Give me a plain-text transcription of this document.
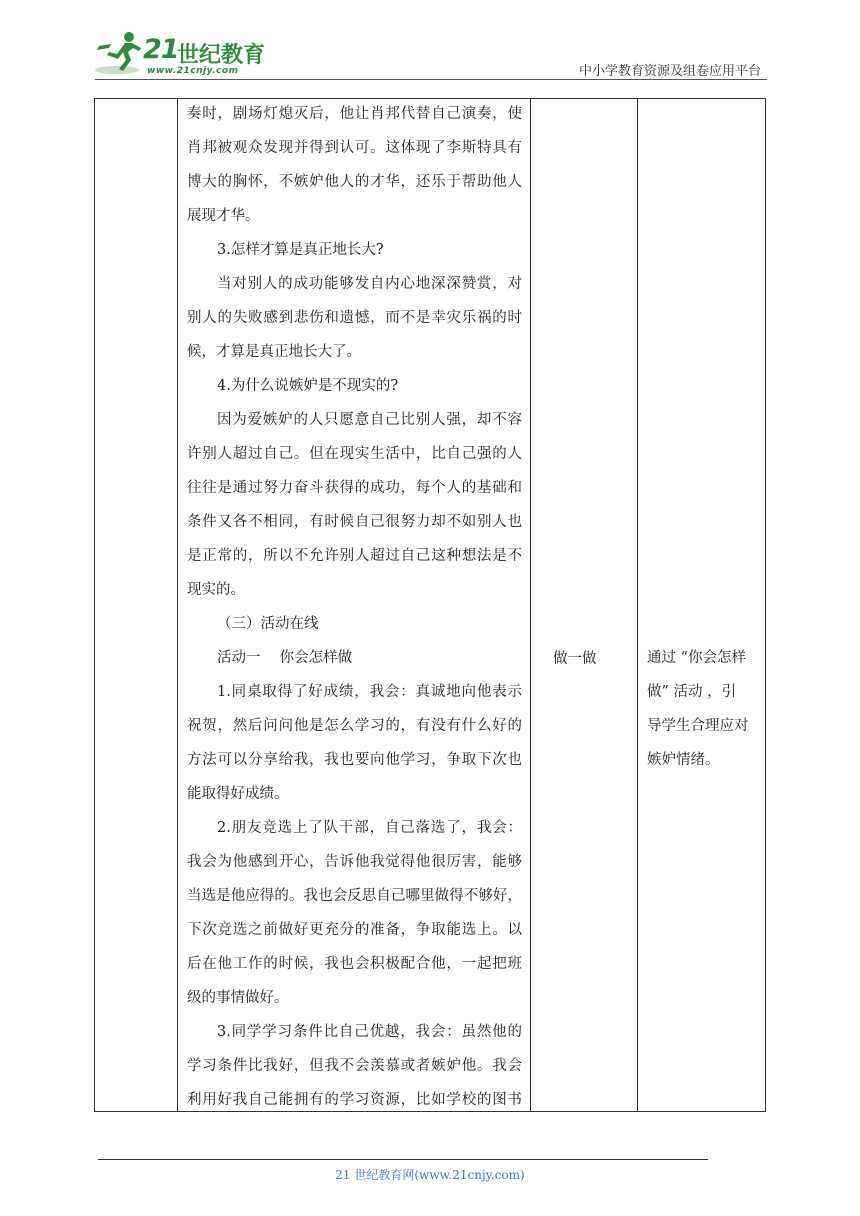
21
世纪教育
www.21cnjy.com	中小学教育资源及组卷应用平台
奏时，剧场灯熄灭后，他让肖邦代替自己演奏，使
肖邦被观众发现并得到认可。这体现了李斯特具有
博大的胸怀，不嫉妒他人的才华，还乐于帮助他人
展现才华。
3.怎样才算是真正地长大?
当对别人的成功能够发自内心地深深赞赏，对
别人的失败感到悲伤和遗憾，而不是幸灾乐祸的时
候，才算是真正地长大了。
4.为什么说嫉妒是不现实的?
因为爱嫉妒的人只愿意自己比别人强，却不容
许别人超过自己。但在现实生活中，比自己强的人
往往是通过努力奋斗获得的成功，每个人的基础和
条件又各不相同，有时候自己很努力却不如别人也
是正常的，所以不允许别人超过自己这种想法是不
现实的。
（三）活动在线
活动一　 你会怎样做
1.同桌取得了好成绩，我会：真诚地向他表示
祝贺，然后问问他是怎么学习的，有没有什么好的
方法可以分享给我，我也要向他学习，争取下次也
能取得好成绩。
2.朋友竞选上了队干部，自己落选了，我会：
我会为他感到开心，告诉他我觉得他很厉害，能够
当选是他应得的。我也会反思自己哪里做得不够好，
下次竞选之前做好更充分的准备，争取能选上。以
后在他工作的时候，我也会积极配合他，一起把班
级的事情做好。
3.同学学习条件比自己优越，我会：虽然他的
学习条件比我好，但我不会羡慕或者嫉妒他。我会
利用好我自己能拥有的学习资源，比如学校的图书
做一做	通过 “你会怎样
做” 活动 ，引
导学生合理应对
嫉妒情绪。
21 世纪教育网(www.21cnjy.com)
